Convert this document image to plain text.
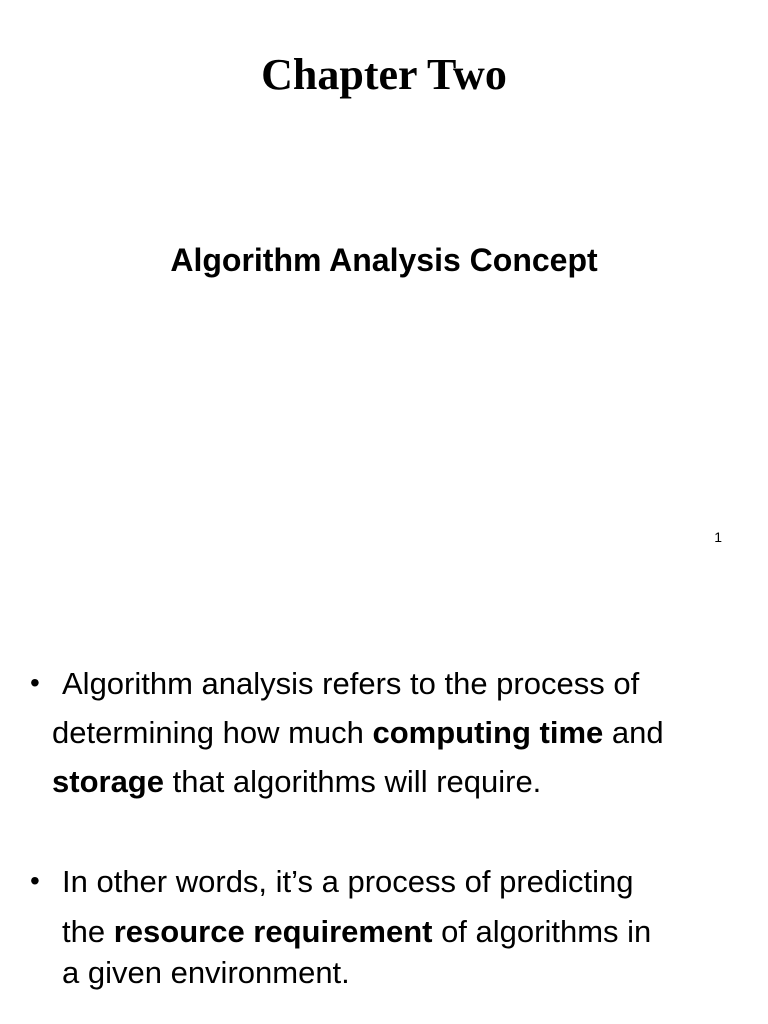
Chapter Two
Algorithm Analysis Concept
1
• Algorithm analysis refers to the process of
determining how much computing time and
storage that algorithms will require.
• In other words, it’s a process of predicting
the resource requirement of algorithms in
a given environment.
